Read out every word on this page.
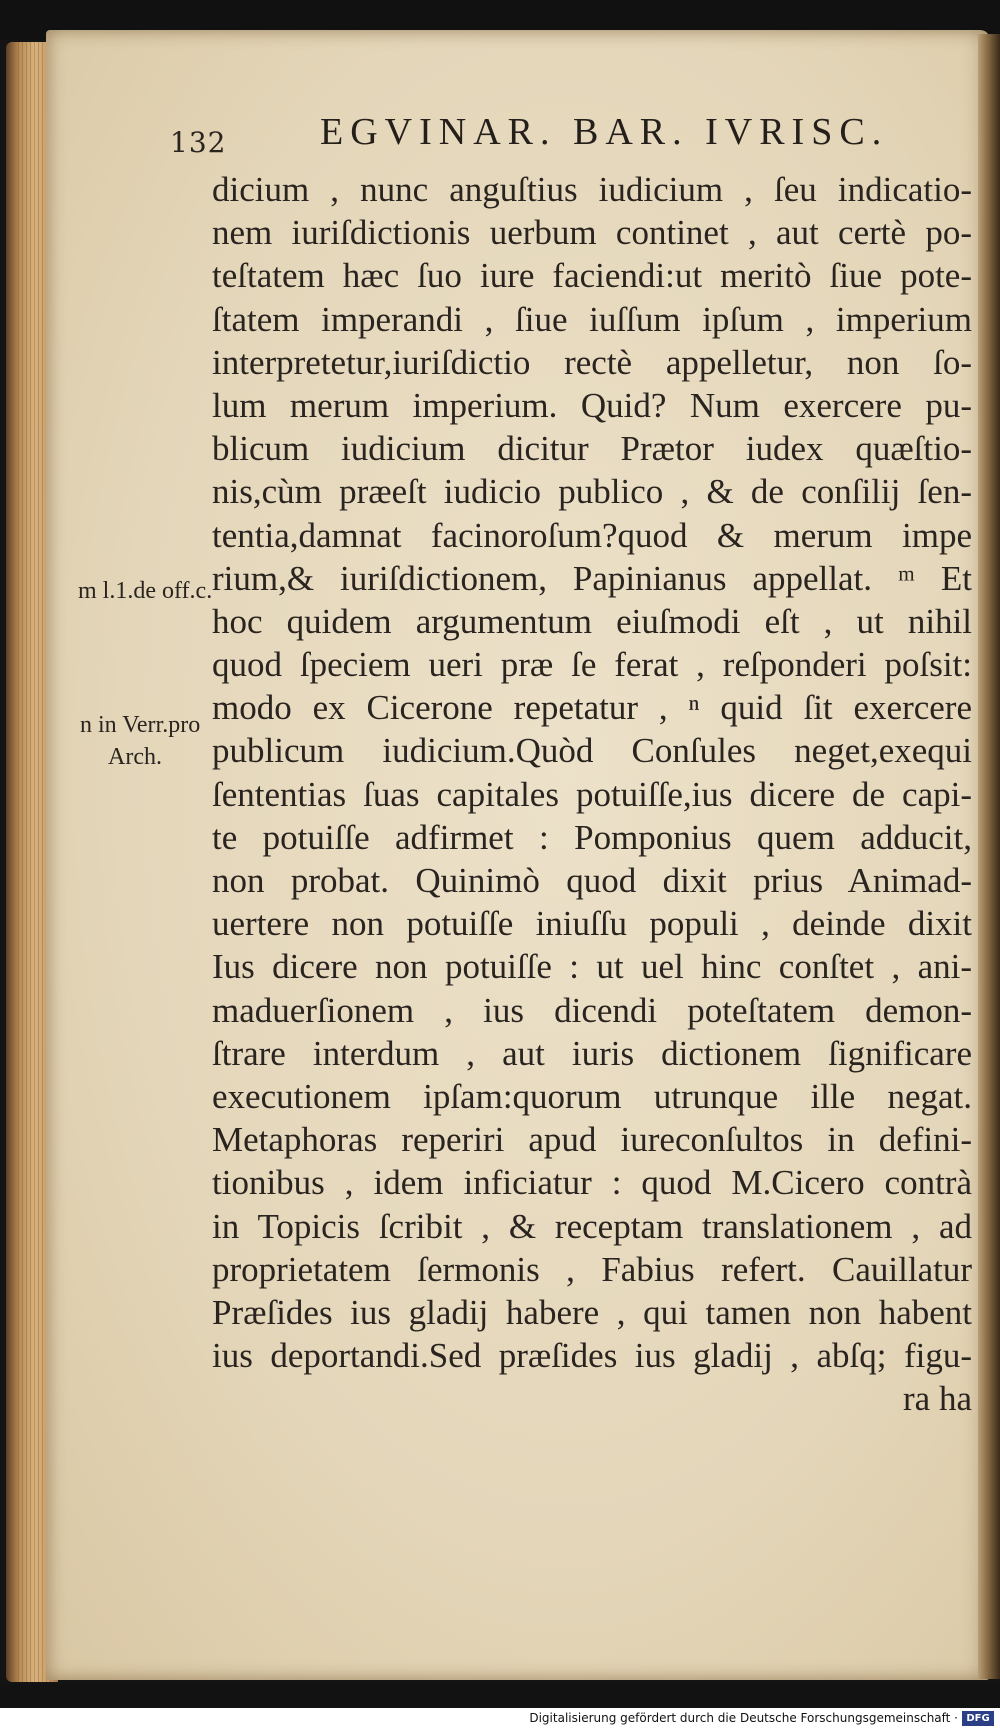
132 EGVINAR. BAR. IVRISC.
dicium , nunc anguſtius iudicium , ſeu indicatio-
nem iuriſdictionis uerbum continet , aut certè po-
teſtatem hæc ſuo iure faciendi:ut meritò ſiue pote-
ſtatem imperandi , ſiue iuſſum ipſum , imperium
interpretetur,iuriſdictio rectè appelletur, non ſo-
lum merum imperium. Quid? Num exercere pu-
blicum iudicium dicitur Prætor iudex quæſtio-
nis,cùm præeſt iudicio publico , & de conſilij ſen-
tentia,damnat facinoroſum?quod & merum impe
rium,& iuriſdictionem, Papinianus appellat. ᵐ Et
hoc quidem argumentum eiuſmodi eſt , ut nihil
quod ſpeciem ueri præ ſe ferat , reſponderi poſsit:
modo ex Cicerone repetatur , ⁿ quid ſit exercere
publicum iudicium.Quòd Conſules neget,exequi
ſententias ſuas capitales potuiſſe,ius dicere de capi-
te potuiſſe adfirmet : Pomponius quem adducit,
non probat. Quinimò quod dixit prius Animad-
uertere non potuiſſe iniuſſu populi , deinde dixit
Ius dicere non potuiſſe : ut uel hinc conſtet , ani-
maduerſionem , ius dicendi poteſtatem demon-
ſtrare interdum , aut iuris dictionem ſignificare
executionem ipſam:quorum utrunque ille negat.
Metaphoras reperiri apud iureconſultos in defini-
tionibus , idem inficiatur : quod M.Cicero contrà
in Topicis ſcribit , & receptam translationem , ad
proprietatem ſermonis , Fabius refert. Cauillatur
Præſides ius gladij habere , qui tamen non habent
ius deportandi.Sed præſides ius gladij , abſq; figu-
ra ha
m l.1.de off.c.
n in Verr.pro
Arch.
Digitalisierung gefördert durch die Deutsche Forschungsgemeinschaft · DFG
